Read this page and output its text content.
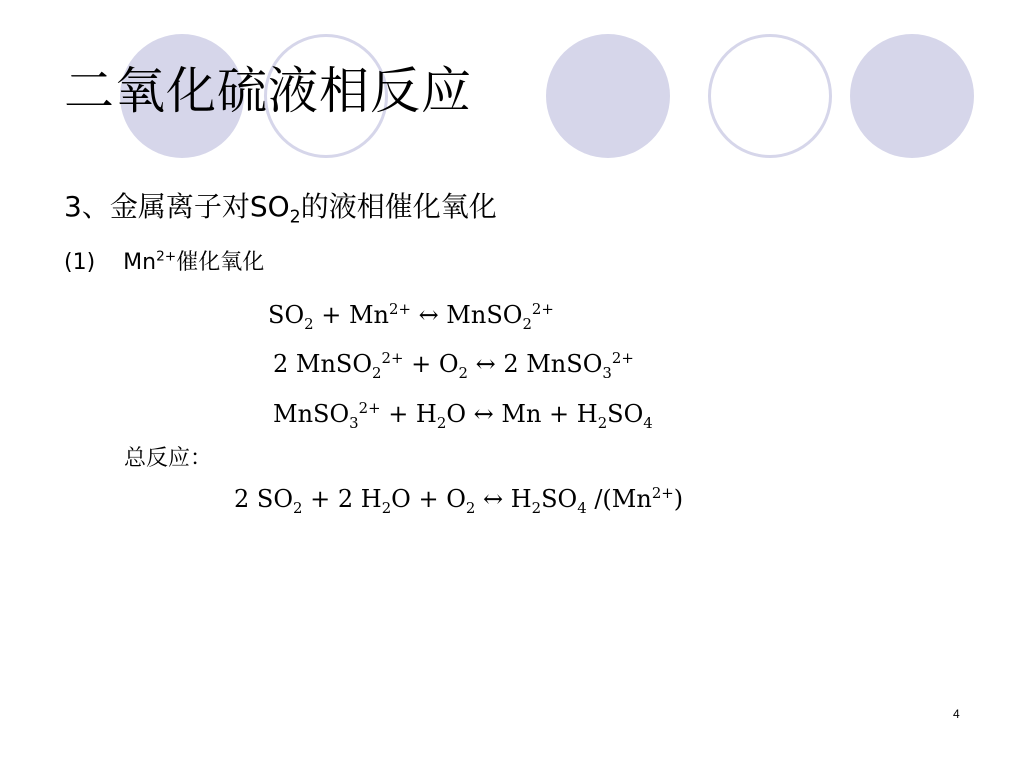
二氧化硫液相反应
3、金属离子对$SO_2$的液相催化氧化
(1) $Mn^{2+}$催化氧化
$SO_2 + Mn^{2+}$ ↔ MnSO$_2^{2+}$
2 MnSO$_2^{2+}$ + $O_2$ ↔ 2 MnSO$_3^{2+}$
MnSO$_3^{2+}$ + $H_2O$ ↔ $Mn + H_2SO_4$
总反应：
2 $SO_2 + 2$ $H_2O + O_2$ ↔ $H_2SO_4$ $/(Mn^{2+})$
4
